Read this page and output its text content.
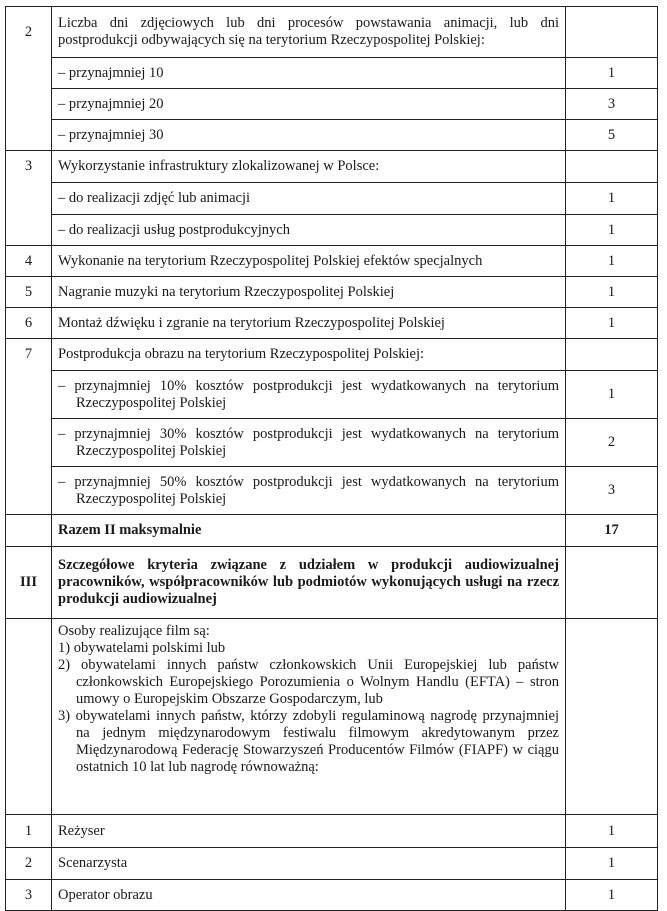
2	Liczba dni zdjęciowych lub dni procesów powstawania animacji, lub dni postprodukcji odbywających się na terytorium Rzeczypospolitej Polskiej:	
	– przynajmniej 10	1
	– przynajmniej 20	3
	– przynajmniej 30	5
3	Wykorzystanie infrastruktury zlokalizowanej w Polsce:	
	– do realizacji zdjęć lub animacji	1
	– do realizacji usług postprodukcyjnych	1
4	Wykonanie na terytorium Rzeczypospolitej Polskiej efektów specjalnych	1
5	Nagranie muzyki na terytorium Rzeczypospolitej Polskiej	1
6	Montaż dźwięku i zgranie na terytorium Rzeczypospolitej Polskiej	1
7	Postprodukcja obrazu na terytorium Rzeczypospolitej Polskiej:	

	– przynajmniej 10% kosztów postprodukcji jest wydatkowanych na terytorium Rzeczypospolitej Polskiej	1

	– przynajmniej 30% kosztów postprodukcji jest wydatkowanych na terytorium Rzeczypospolitej Polskiej	2

	– przynajmniej 50% kosztów postprodukcji jest wydatkowanych na terytorium Rzeczypospolitej Polskiej	3
	Razem II maksymalnie	17
III	Szczegółowe kryteria związane z udziałem w produkcji audiowizualnej pracowników, współpracowników lub podmiotów wykonujących usługi na rzecz produkcji audiowizualnej	

	Osoby realizujące film są:
1) obywatelami polskimi lub
2) obywatelami innych państw członkowskich Unii Europejskiej lub państw członkowskich Europejskiego Porozumienia o Wolnym Handlu (EFTA) – stron umowy o Europejskim Obszarze Gospodarczym, lub
3) obywatelami innych państw, którzy zdobyli regulaminową nagrodę przynajmniej na jednym międzynarodowym festiwalu filmowym akredytowanym przez Międzynarodową Federację Stowarzyszeń Producentów Filmów (FIAPF) w ciągu ostatnich 10 lat lub nagrodę równoważną:	

1	Reżyser	1
2	Scenarzysta	1
3	Operator obrazu	1
